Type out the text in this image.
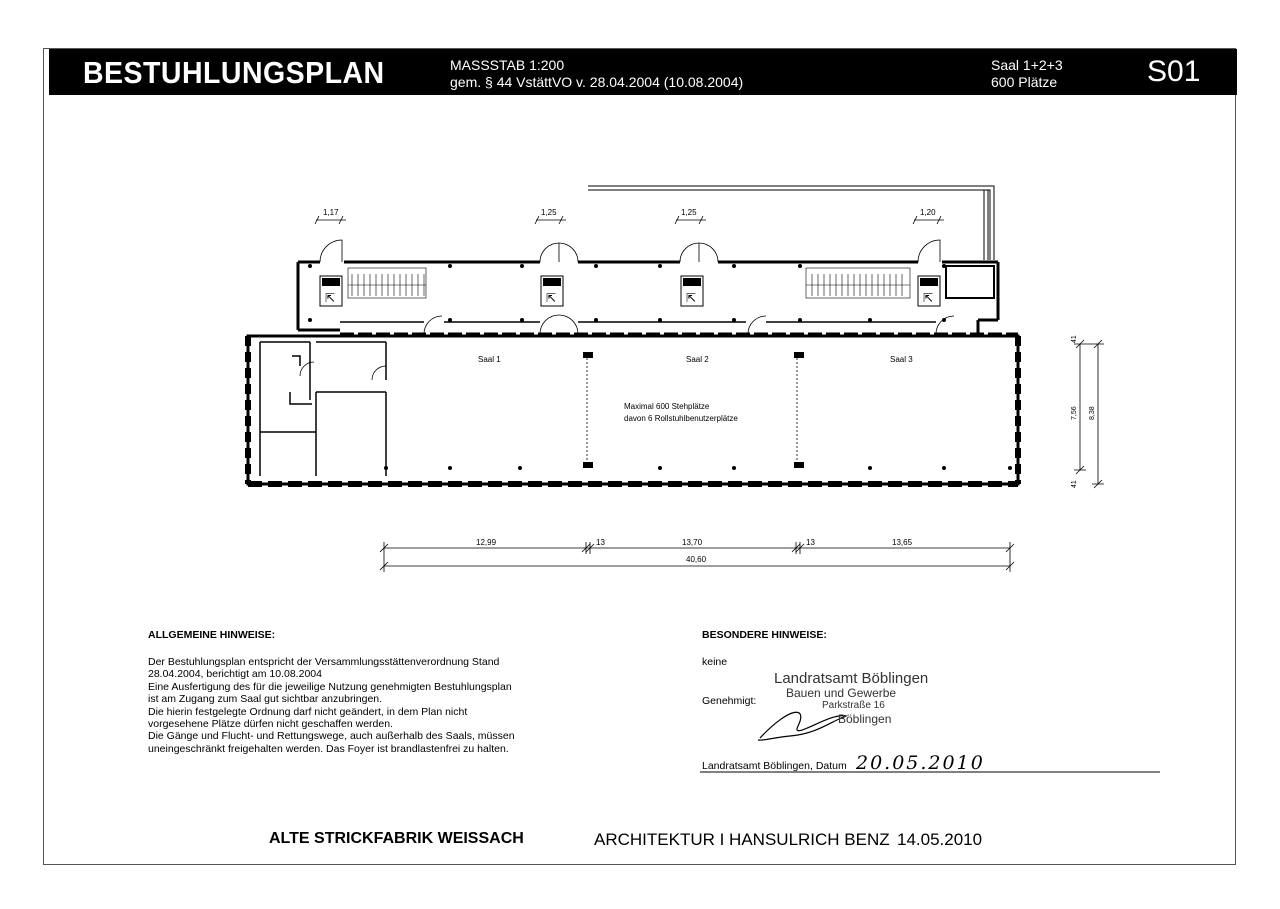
BESTUHLUNGSPLAN	MASSSTAB 1:200
gem. § 44 VstättVO v. 28.04.2004 (10.08.2004)
Saal 1+2+3
600 Plätze	S01
1,17	1,25	1,25	1,20
⇱	⇱	⇱	⇱
Saal 1	Saal 2	Saal 3
Maximal 600 Stehplätze
davon 6 Rollstuhlbenutzerplätze
41
7,56 8,38
41
12,99	13	13,70	13	13,65
40,60
ALLGEMEINE HINWEISE:
Der Bestuhlungsplan entspricht der Versammlungsstättenverordnung Stand
28.04.2004, berichtigt am 10.08.2004
Eine Ausfertigung des für die jeweilige Nutzung genehmigten Bestuhlungsplan
ist am Zugang zum Saal gut sichtbar anzubringen.
Die hierin festgelegte Ordnung darf nicht geändert, in dem Plan nicht
vorgesehene Plätze dürfen nicht geschaffen werden.
Die Gänge und Flucht- und Rettungswege, auch außerhalb des Saals, müssen
uneingeschränkt freigehalten werden. Das Foyer ist brandlastenfrei zu halten.
BESONDERE HINWEISE:
keine
Genehmigt:
Landratsamt Böblingen, Datum 20.05.2010
Landratsamt Böblingen
Bauen und Gewerbe
Parkstraße 16
Böblingen
ALTE STRICKFABRIK WEISSACH	ARCHITEKTUR I HANSULRICH BENZ 14.05.2010
